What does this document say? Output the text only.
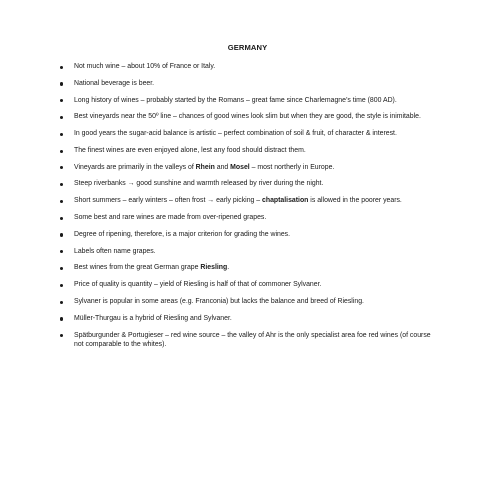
GERMANY
Not much wine – about 10% of France or Italy.
National beverage is beer.
Long history of wines – probably started by the Romans – great fame since Charlemagne’s time (800 AD).
Best vineyards near the 50º line – chances of good wines look slim but when they are good, the style is inimitable.
In good years the sugar-acid balance is artistic – perfect combination of soil & fruit, of character & interest.
The finest wines are even enjoyed alone, lest any food should distract them.
Vineyards are primarily in the valleys of Rhein and Mosel – most northerly in Europe.
Steep riverbanks → good sunshine and warmth released by river during the night.
Short summers – early winters – often frost → early picking – chaptalisation is allowed in the poorer years.
Some best and rare wines are made from over-ripened grapes.
Degree of ripening, therefore, is a major criterion for grading the wines.
Labels often name grapes.
Best wines from the great German grape Riesling.
Price of quality is quantity – yield of Riesling is half of that of commoner Sylvaner.
Sylvaner is popular in some areas (e.g. Franconia) but lacks the balance and breed of Riesling.
Müller-Thurgau is a hybrid of Riesling and Sylvaner.
Spätburgunder & Portugieser – red wine source – the valley of Ahr is the only specialist area foe red wines (of course not comparable to the whites).
